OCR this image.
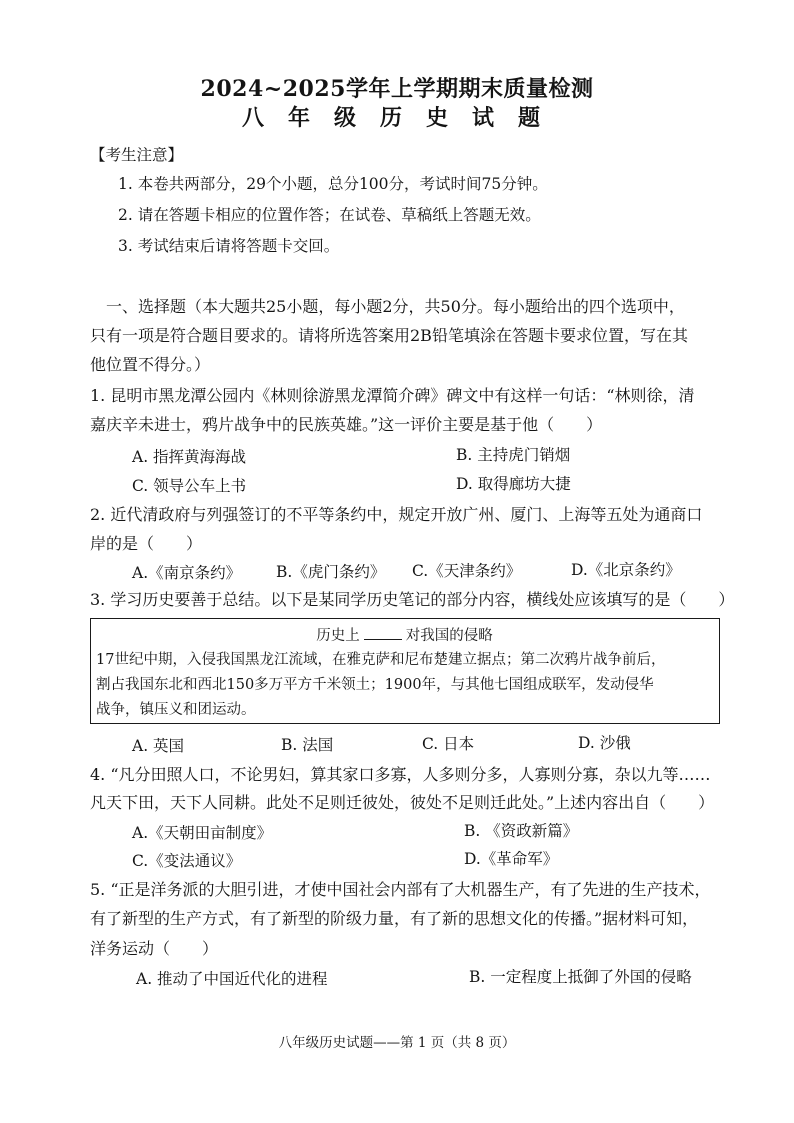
2024~2025学年上学期期末质量检测
八年级历史试题
【考生注意】
1. 本卷共两部分，29个小题，总分100分，考试时间75分钟。
2. 请在答题卡相应的位置作答；在试卷、草稿纸上答题无效。
3. 考试结束后请将答题卡交回。
一、选择题（本大题共25小题，每小题2分，共50分。每小题给出的四个选项中，
只有一项是符合题目要求的。请将所选答案用2B铅笔填涂在答题卡要求位置，写在其
他位置不得分。）
1. 昆明市黑龙潭公园内《林则徐游黑龙潭简介碑》碑文中有这样一句话：“林则徐，清
嘉庆辛未进士，鸦片战争中的民族英雄。”这一评价主要是基于他（　　）
A. 指挥黄海海战	B. 主持虎门销烟
C. 领导公车上书	D. 取得廊坊大捷
2. 近代清政府与列强签订的不平等条约中，规定开放广州、厦门、上海等五处为通商口
岸的是（　　）
A.《南京条约》 B.《虎门条约》 C.《天津条约》	D.《北京条约》
3. 学习历史要善于总结。以下是某同学历史笔记的部分内容，横线处应该填写的是（　　）
历史上	对我国的侵略
17世纪中期，入侵我国黑龙江流域，在雅克萨和尼布楚建立据点；第二次鸦片战争前后，
割占我国东北和西北150多万平方千米领土；1900年，与其他七国组成联军，发动侵华
战争，镇压义和团运动。
A. 英国	B. 法国	C. 日本	D. 沙俄
4. “凡分田照人口，不论男妇，算其家口多寡，人多则分多，人寡则分寡，杂以九等……
凡天下田，天下人同耕。此处不足则迁彼处，彼处不足则迁此处。”上述内容出自（　　）
A.《天朝田亩制度》	B. 《资政新篇》
C.《变法通议》	D.《革命军》
5. “正是洋务派的大胆引进，才使中国社会内部有了大机器生产，有了先进的生产技术，
有了新型的生产方式，有了新型的阶级力量，有了新的思想文化的传播。”据材料可知，
洋务运动（　　）
A. 推动了中国近代化的进程	B. 一定程度上抵御了外国的侵略
八年级历史试题——第 1 页（共 8 页）
